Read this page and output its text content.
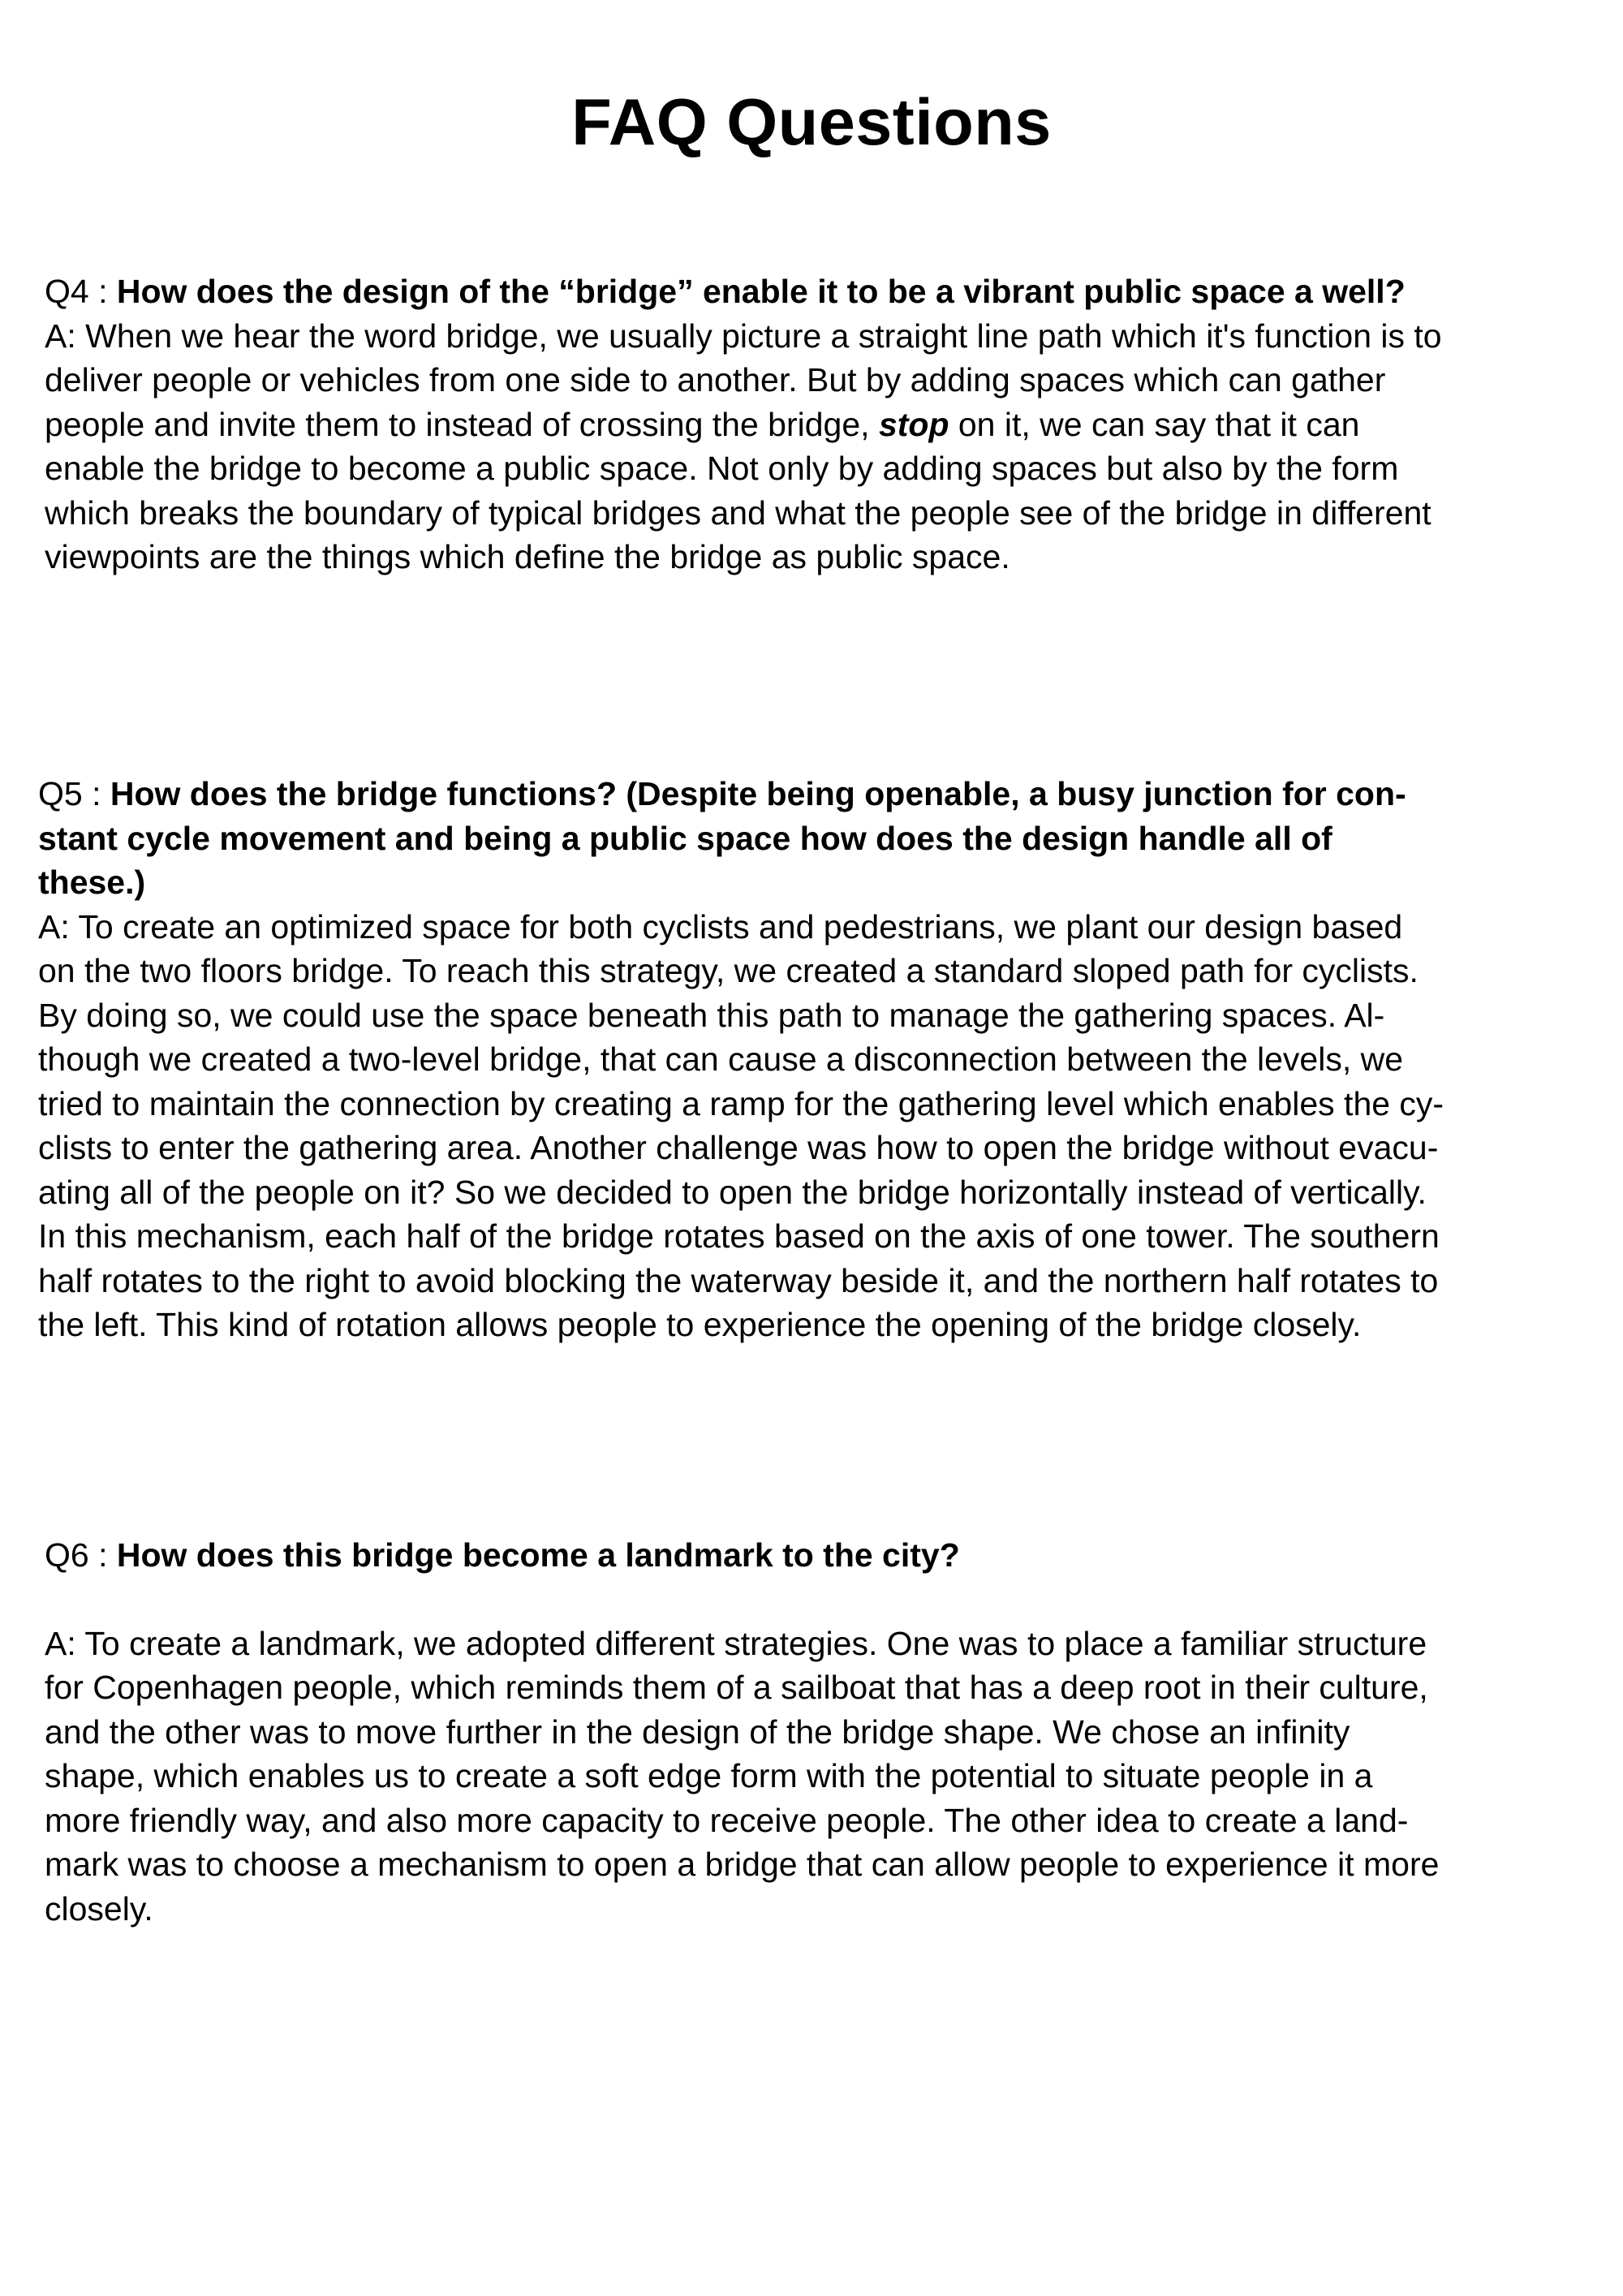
FAQ Questions

Q4 : How does the design of the “bridge” enable it to be a vibrant public space a well?

A: When we hear the word bridge, we usually picture a straight line path which it's function is to

deliver people or vehicles from one side to another. But by adding spaces which can gather

people and invite them to instead of crossing the bridge, stop on it, we can say that it can

enable the bridge to become a public space. Not only by adding spaces but also by the form

which breaks the boundary of typical bridges and what the people see of the bridge in different

viewpoints are the things which define the bridge as public space.

Q5 : How does the bridge functions? (Despite being openable, a busy junction for con-

stant cycle movement and being a public space how does the design handle all of

these.)

A: To create an optimized space for both cyclists and pedestrians, we plant our design based

on the two floors bridge. To reach this strategy, we created a standard sloped path for cyclists.

By doing so, we could use the space beneath this path to manage the gathering spaces. Al-

though we created a two-level bridge, that can cause a disconnection between the levels, we

tried to maintain the connection by creating a ramp for the gathering level which enables the cy-

clists to enter the gathering area. Another challenge was how to open the bridge without evacu-

ating all of the people on it? So we decided to open the bridge horizontally instead of vertically.

In this mechanism, each half of the bridge rotates based on the axis of one tower. The southern

half rotates to the right to avoid blocking the waterway beside it, and the northern half rotates to

the left. This kind of rotation allows people to experience the opening of the bridge closely.

Q6 : How does this bridge become a landmark to the city?

A: To create a landmark, we adopted different strategies. One was to place a familiar structure

for Copenhagen people, which reminds them of a sailboat that has a deep root in their culture,

and the other was to move further in the design of the bridge shape. We chose an infinity

shape, which enables us to create a soft edge form with the potential to situate people in a

more friendly way, and also more capacity to receive people. The other idea to create a land-

mark was to choose a mechanism to open a bridge that can allow people to experience it more

closely.
